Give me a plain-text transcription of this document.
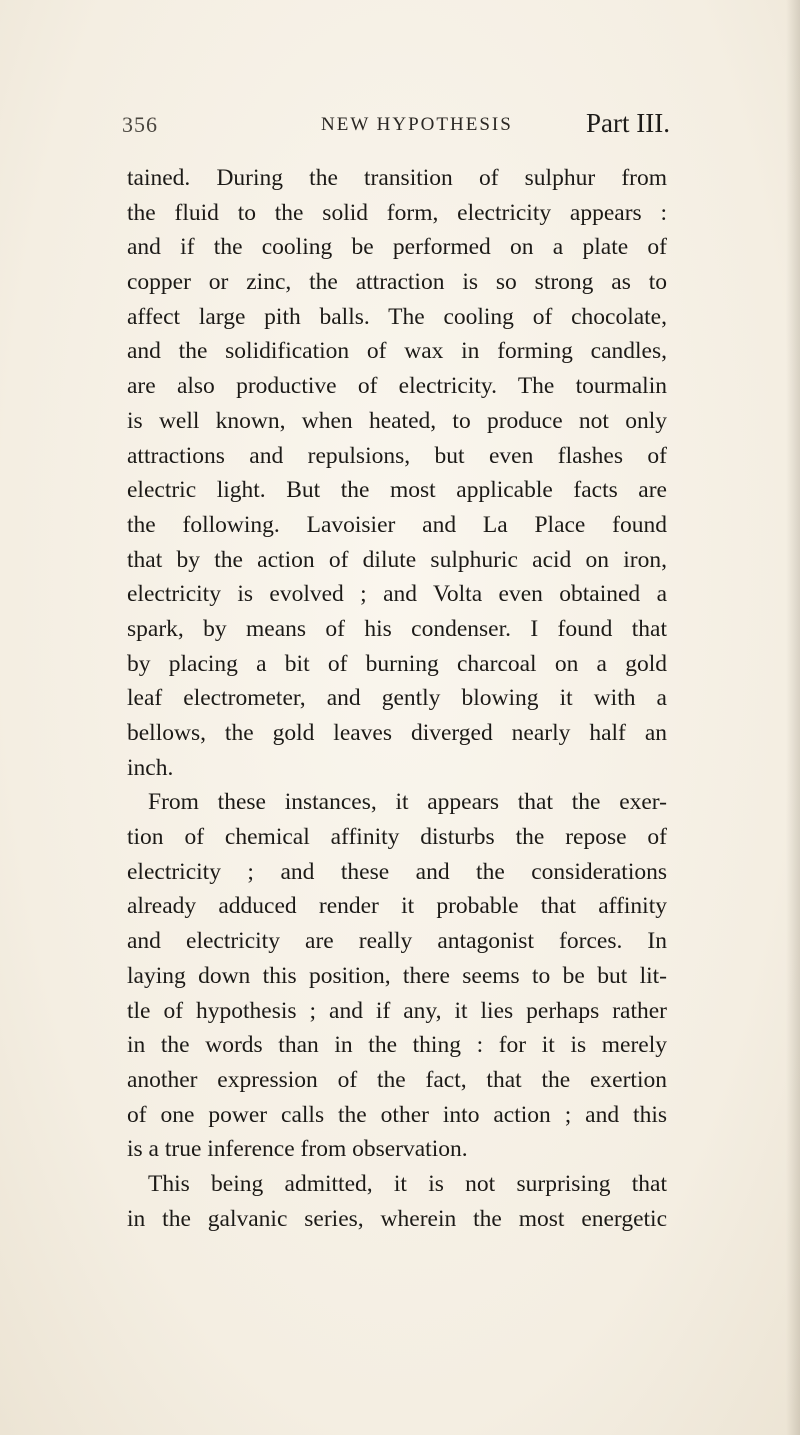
356	NEW HYPOTHESIS	Part III.
tained. During the transition of sulphur from
the fluid to the solid form, electricity appears :
and if the cooling be performed on a plate of
copper or zinc, the attraction is so strong as to
affect large pith balls. The cooling of chocolate,
and the solidification of wax in forming candles,
are also productive of electricity. The tourmalin
is well known, when heated, to produce not only
attractions and repulsions, but even flashes of
electric light. But the most applicable facts are
the following. Lavoisier and La Place found
that by the action of dilute sulphuric acid on iron,
electricity is evolved ; and Volta even obtained a
spark, by means of his condenser. I found that
by placing a bit of burning charcoal on a gold
leaf electrometer, and gently blowing it with a
bellows, the gold leaves diverged nearly half an
inch.
From these instances, it appears that the exer-
tion of chemical affinity disturbs the repose of
electricity ; and these and the considerations
already adduced render it probable that affinity
and electricity are really antagonist forces. In
laying down this position, there seems to be but lit-
tle of hypothesis ; and if any, it lies perhaps rather
in the words than in the thing : for it is merely
another expression of the fact, that the exertion
of one power calls the other into action ; and this
is a true inference from observation.
This being admitted, it is not surprising that
in the galvanic series, wherein the most energetic
